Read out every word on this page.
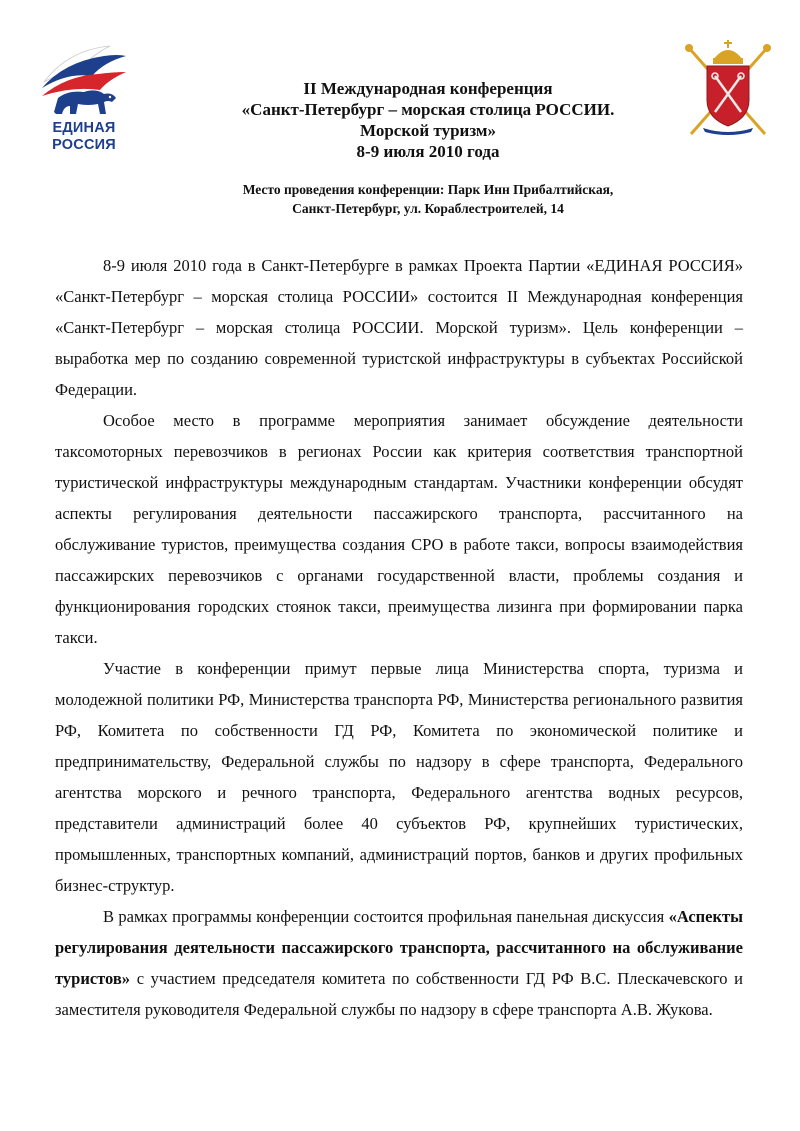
ЕДИНАЯ
РОССИЯ
II Международная конференция
«Санкт-Петербург – морская столица РОССИИ.
Морской туризм»
8-9 июля 2010 года
Место проведения конференции: Парк Инн Прибалтийская,
Санкт-Петербург, ул. Кораблестроителей, 14

8-9 июля 2010 года в Санкт-Петербурге в рамках Проекта Партии «ЕДИНАЯ РОССИЯ» «Санкт-Петербург – морская столица РОССИИ» состоится II Международная конференция «Санкт-Петербург – морская столица РОССИИ. Морской туризм». Цель конференции – выработка мер по созданию современной туристской инфраструктуры в субъектах Российской Федерации.

Особое место в программе мероприятия занимает обсуждение деятельности таксомоторных перевозчиков в регионах России как критерия соответствия транспортной туристической инфраструктуры международным стандартам. Участники конференции обсудят аспекты регулирования деятельности пассажирского транспорта, рассчитанного на обслуживание туристов, преимущества создания СРО в работе такси, вопросы взаимодействия пассажирских перевозчиков с органами государственной власти, проблемы создания и функционирования городских стоянок такси, преимущества лизинга при формировании парка такси.

Участие в конференции примут первые лица Министерства спорта, туризма и молодежной политики РФ, Министерства транспорта РФ, Министерства регионального развития РФ, Комитета по собственности ГД РФ, Комитета по экономической политике и предпринимательству, Федеральной службы по надзору в сфере транспорта, Федерального агентства морского и речного транспорта, Федерального агентства водных ресурсов, представители администраций более 40 субъектов РФ, крупнейших туристических, промышленных, транспортных компаний, администраций портов, банков и других профильных бизнес-структур.

В рамках программы конференции состоится профильная панельная дискуссия «Аспекты регулирования деятельности пассажирского транспорта, рассчитанного на обслуживание туристов» с участием председателя комитета по собственности ГД РФ В.С. Плескачевского и заместителя руководителя Федеральной службы по надзору в сфере транспорта А.В. Жукова.
